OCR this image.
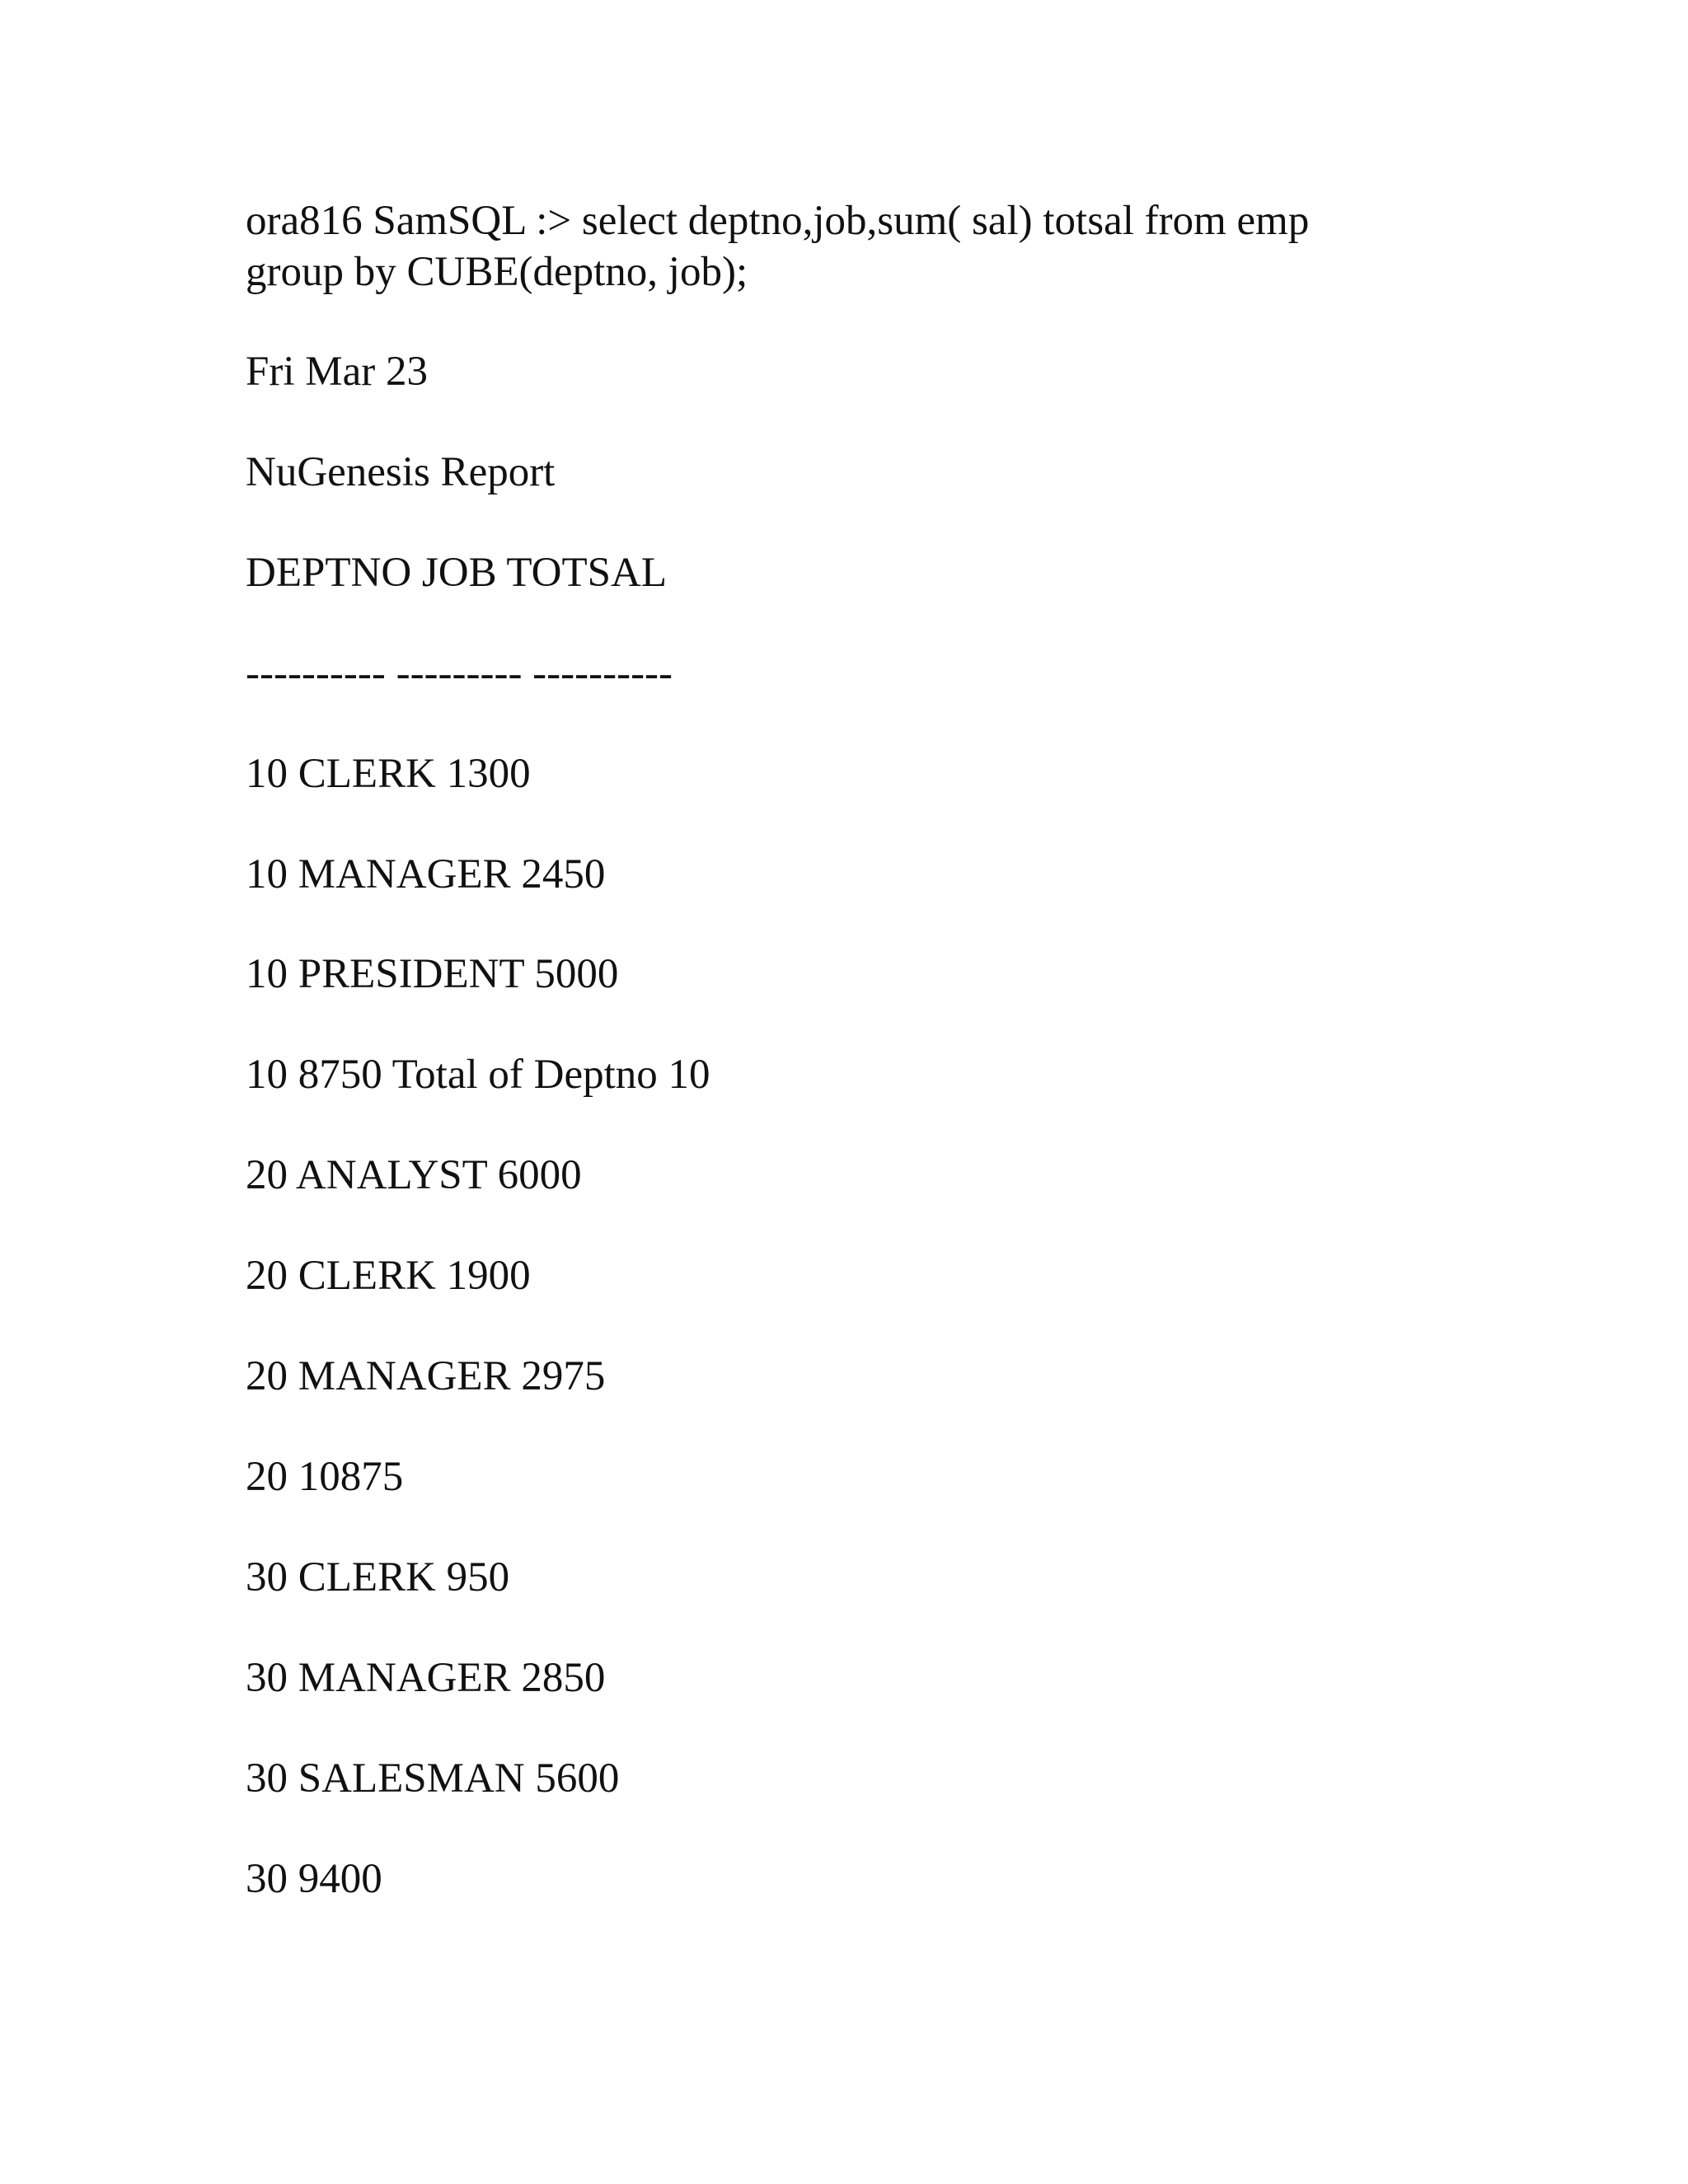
ora816 SamSQL :> select deptno,job,sum( sal) totsal from emp

group by CUBE(deptno, job);

Fri Mar 23

NuGenesis Report

DEPTNO JOB TOTSAL

---------- --------- ----------

10 CLERK 1300

10 MANAGER 2450

10 PRESIDENT 5000

10 8750 Total of Deptno 10

20 ANALYST 6000

20 CLERK 1900

20 MANAGER 2975

20 10875

30 CLERK 950

30 MANAGER 2850

30 SALESMAN 5600

30 9400
